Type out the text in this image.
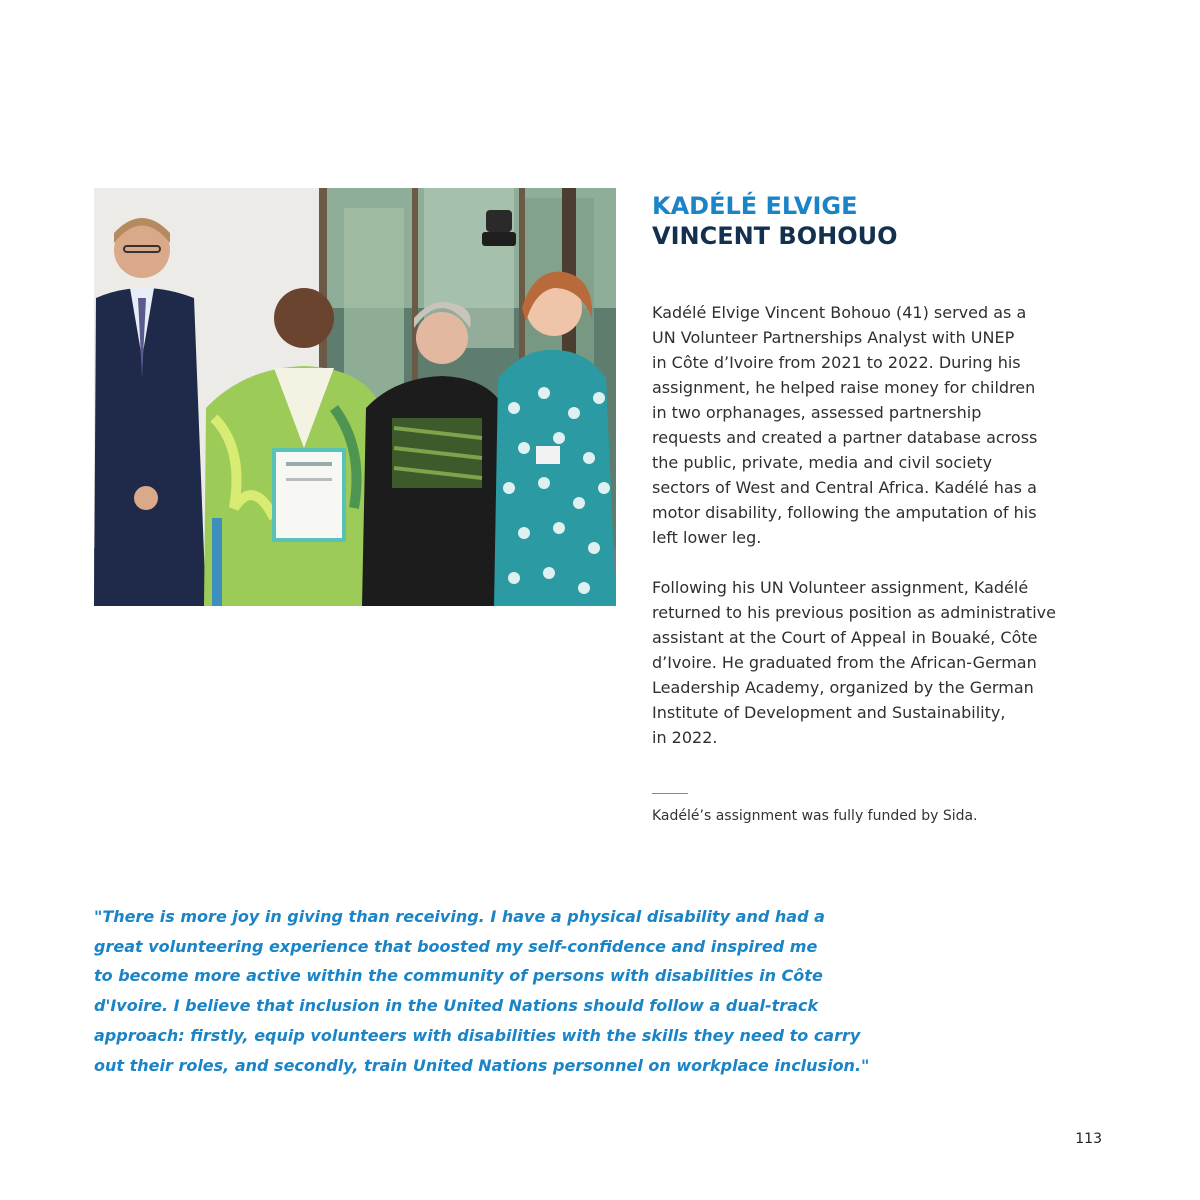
KADÉLÉ ELVIGE
VINCENT BOHOUO

Kadélé Elvige Vincent Bohouo (41) served as a
UN Volunteer Partnerships Analyst with UNEP
in Côte d’Ivoire from 2021 to 2022. During his
assignment, he helped raise money for children
in two orphanages, assessed partnership
requests and created a partner database across
the public, private, media and civil society
sectors of West and Central Africa. Kadélé has a
motor disability, following the amputation of his
left lower leg.

Following his UN Volunteer assignment, Kadélé
returned to his previous position as administrative
assistant at the Court of Appeal in Bouaké, Côte
d’Ivoire. He graduated from the African-German
Leadership Academy, organized by the German
Institute of Development and Sustainability,
in 2022.

Kadélé’s assignment was fully funded by Sida.

"There is more joy in giving than receiving. I have a physical disability and had a
great volunteering experience that boosted my self-confidence and inspired me
to become more active within the community of persons with disabilities in Côte
d'Ivoire. I believe that inclusion in the United Nations should follow a dual-track
approach: firstly, equip volunteers with disabilities with the skills they need to carry
out their roles, and secondly, train United Nations personnel on workplace inclusion."

113
